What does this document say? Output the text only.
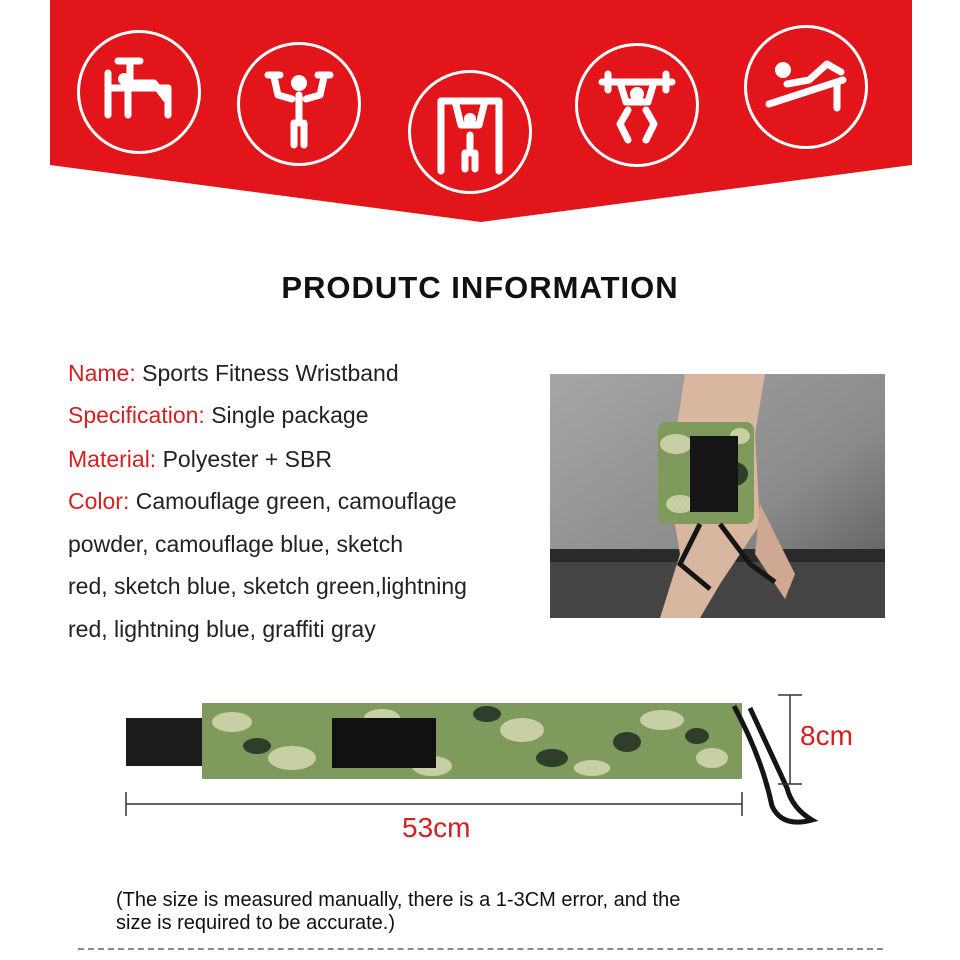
PRODUTC INFORMATION
Name: Sports Fitness Wristband
Specification: Single package
Material: Polyester + SBR
Color: Camouflage green, camouflage
powder, camouflage blue, sketch
red, sketch blue, sketch green,lightning
red, lightning blue, graffiti gray
8cm
53cm
(The size is measured manually, there is a 1-3CM error, and the
size is required to be accurate.)
